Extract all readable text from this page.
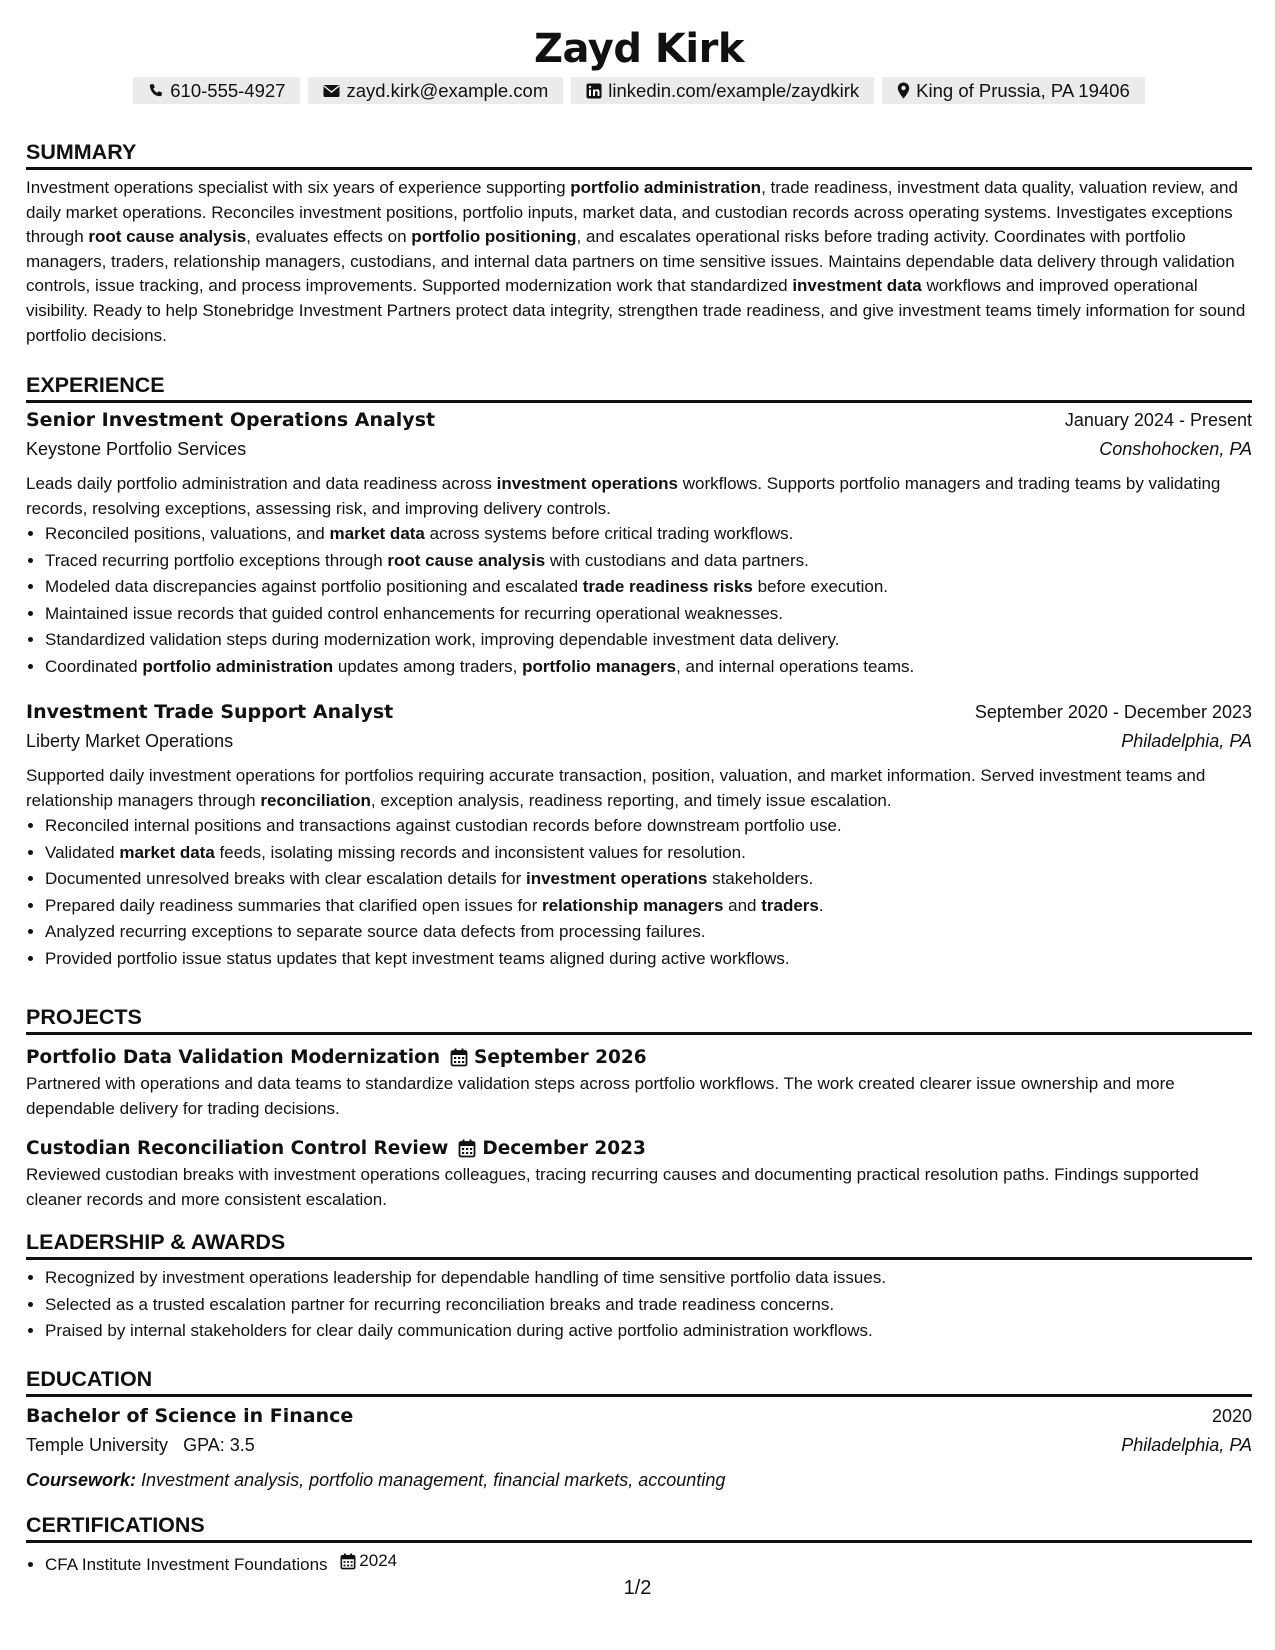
Zayd Kirk
610-555-4927	zayd.kirk@example.com	linkedin.com/example/zaydkirk	King of Prussia, PA 19406
SUMMARY

Investment operations specialist with six years of experience supporting portfolio administration, trade readiness, investment data quality, valuation review, and daily market operations. Reconciles investment positions, portfolio inputs, market data, and custodian records across operating systems. Investigates exceptions through root cause analysis, evaluates effects on portfolio positioning, and escalates operational risks before trading activity. Coordinates with portfolio managers, traders, relationship managers, custodians, and internal data partners on time sensitive issues. Maintains dependable data delivery through validation controls, issue tracking, and process improvements. Supported modernization work that standardized investment data workflows and improved operational visibility. Ready to help Stonebridge Investment Partners protect data integrity, strengthen trade readiness, and give investment teams timely information for sound portfolio decisions.

EXPERIENCE
Senior Investment Operations Analyst	January 2024 - Present
Keystone Portfolio Services	Conshohocken, PA

Leads daily portfolio administration and data readiness across investment operations workflows. Supports portfolio managers and trading teams by validating records, resolving exceptions, assessing risk, and improving delivery controls.

• Reconciled positions, valuations, and market data across systems before critical trading workflows.
• Traced recurring portfolio exceptions through root cause analysis with custodians and data partners.
• Modeled data discrepancies against portfolio positioning and escalated trade readiness risks before execution.
• Maintained issue records that guided control enhancements for recurring operational weaknesses.
• Standardized validation steps during modernization work, improving dependable investment data delivery.
• Coordinated portfolio administration updates among traders, portfolio managers, and internal operations teams.
Investment Trade Support Analyst	September 2020 - December 2023
Liberty Market Operations	Philadelphia, PA

Supported daily investment operations for portfolios requiring accurate transaction, position, valuation, and market information. Served investment teams and relationship managers through reconciliation, exception analysis, readiness reporting, and timely issue escalation.

• Reconciled internal positions and transactions against custodian records before downstream portfolio use.
• Validated market data feeds, isolating missing records and inconsistent values for resolution.
• Documented unresolved breaks with clear escalation details for investment operations stakeholders.
• Prepared daily readiness summaries that clarified open issues for relationship managers and traders.
• Analyzed recurring exceptions to separate source data defects from processing failures.
• Provided portfolio issue status updates that kept investment teams aligned during active workflows.
PROJECTS
Portfolio Data Validation Modernization September 2026

Partnered with operations and data teams to standardize validation steps across portfolio workflows. The work created clearer issue ownership and more dependable delivery for trading decisions.

Custodian Reconciliation Control Review December 2023

Reviewed custodian breaks with investment operations colleagues, tracing recurring causes and documenting practical resolution paths. Findings supported cleaner records and more consistent escalation.

LEADERSHIP & AWARDS
• Recognized by investment operations leadership for dependable handling of time sensitive portfolio data issues.
• Selected as a trusted escalation partner for recurring reconciliation breaks and trade readiness concerns.
• Praised by internal stakeholders for clear daily communication during active portfolio administration workflows.
EDUCATION
Bachelor of Science in Finance	2020
Temple University GPA: 3.5	Philadelphia, PA
Coursework: Investment analysis, portfolio management, financial markets, accounting
CERTIFICATIONS
• CFA Institute Investment Foundations 2024
1/2
